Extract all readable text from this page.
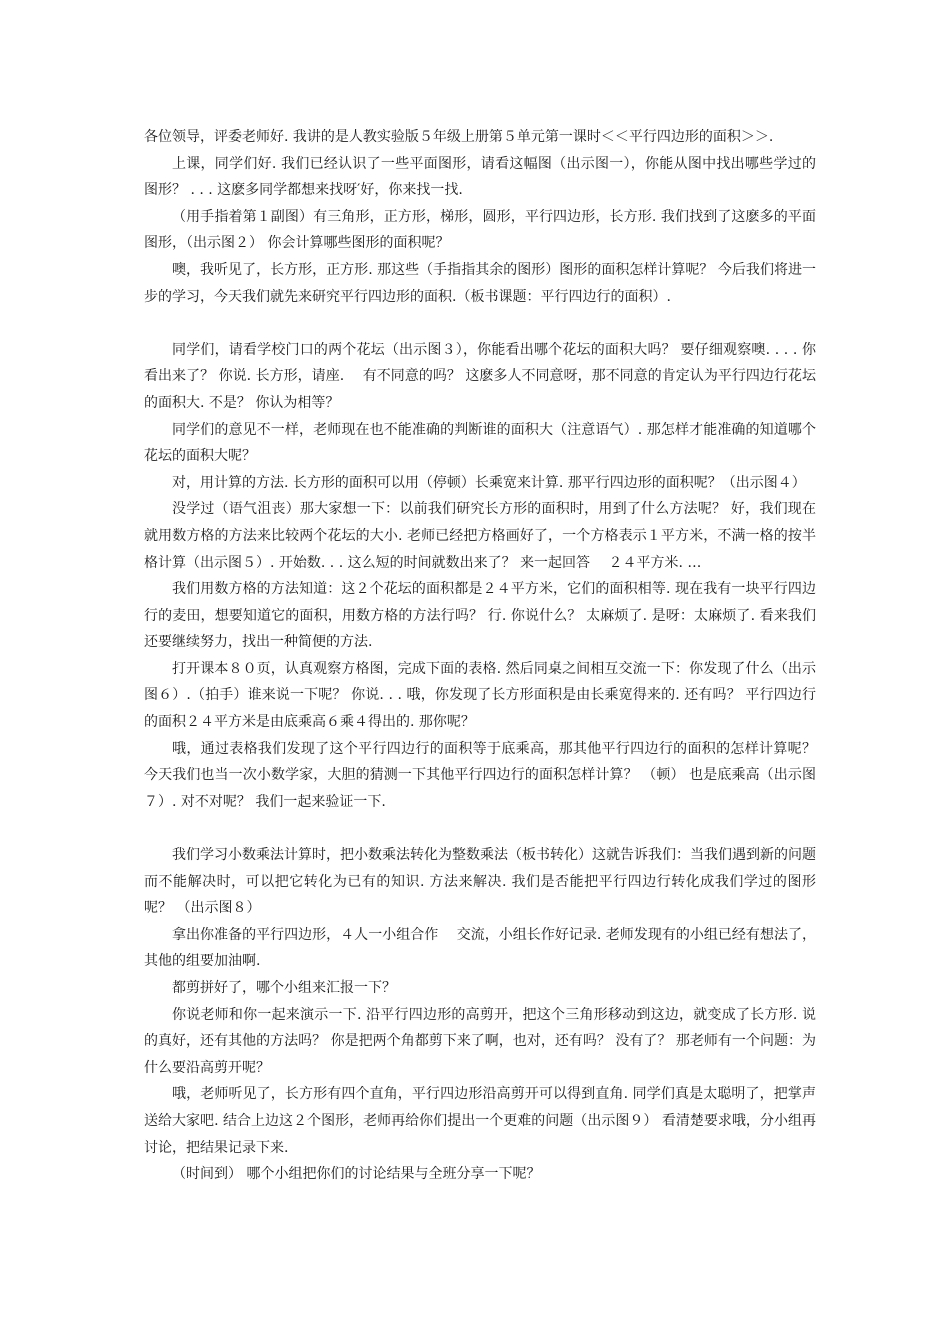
各位领导，评委老师好. 我讲的是人教实验版５年级上册第５单元第一课时＜＜平行四边形的面积＞＞.

上课，同学们好. 我们已经认识了一些平面图形，请看这幅图（出示图一），你能从图中找出哪些学过的图形？ . . . 这麽多同学都想来找呀′好，你来找一找.

（用手指着第１副图）有三角形，正方形，梯形，圆形，平行四边形，长方形. 我们找到了这麽多的平面图形，（出示图２） 你会计算哪些图形的面积呢？

噢，我听见了，长方形，正方形. 那这些（手指指其余的图形）图形的面积怎样计算呢？ 今后我们将进一步的学习，今天我们就先来研究平行四边形的面积.（板书课题：平行四边行的面积）.

同学们，请看学校门口的两个花坛（出示图３），你能看出哪个花坛的面积大吗？ 要仔细观察噢. . . . 你看出来了？ 你说. 长方形，请座.　 有不同意的吗？ 这麽多人不同意呀，那不同意的肯定认为平行四边行花坛的面积大. 不是？ 你认为相等？

同学们的意见不一样，老师现在也不能准确的判断谁的面积大（注意语气）. 那怎样才能准确的知道哪个花坛的面积大呢？

对，用计算的方法. 长方形的面积可以用（停顿）长乘宽来计算. 那平行四边形的面积呢？（出示图４）

没学过（语气沮丧）那大家想一下：以前我们研究长方形的面积时，用到了什么方法呢？ 好，我们现在就用数方格的方法来比较两个花坛的大小. 老师已经把方格画好了，一个方格表示１平方米，不满一格的按半格计算（出示图５）. 开始数. . . 这么短的时间就数出来了？ 来一起回答　 ２４平方米. …

我们用数方格的方法知道：这２个花坛的面积都是２４平方米，它们的面积相等. 现在我有一块平行四边行的麦田，想要知道它的面积，用数方格的方法行吗？ 行. 你说什么？ 太麻烦了. 是呀：太麻烦了. 看来我们还要继续努力，找出一种简便的方法.

打开课本８０页，认真观察方格图，完成下面的表格. 然后同桌之间相互交流一下：你发现了什么（出示图６）.（拍手）谁来说一下呢？ 你说. . . 哦，你发现了长方形面积是由长乘宽得来的. 还有吗？ 平行四边行的面积２４平方米是由底乘高６乘４得出的. 那你呢？

哦，通过表格我们发现了这个平行四边行的面积等于底乘高，那其他平行四边行的面积的怎样计算呢？ 今天我们也当一次小数学家，大胆的猜测一下其他平行四边行的面积怎样计算？ （顿） 也是底乘高（出示图７）. 对不对呢？ 我们一起来验证一下.

我们学习小数乘法计算时，把小数乘法转化为整数乘法（板书转化）这就告诉我们：当我们遇到新的问题而不能解决时，可以把它转化为已有的知识. 方法来解决. 我们是否能把平行四边行转化成我们学过的图形呢？ （出示图８）

拿出你准备的平行四边形，４人一小组合作　 交流，小组长作好记录. 老师发现有的小组已经有想法了，其他的组要加油啊.

都剪拼好了，哪个小组来汇报一下？

你说老师和你一起来演示一下. 沿平行四边形的高剪开，把这个三角形移动到这边，就变成了长方形. 说的真好，还有其他的方法吗？ 你是把两个角都剪下来了啊，也对，还有吗？ 没有了？ 那老师有一个问题：为什么要沿高剪开呢？

哦，老师听见了，长方形有四个直角，平行四边形沿高剪开可以得到直角. 同学们真是太聪明了，把掌声送给大家吧. 结合上边这２个图形，老师再给你们提出一个更难的问题（出示图９） 看清楚要求哦，分小组再讨论，把结果记录下来.

（时间到） 哪个小组把你们的讨论结果与全班分享一下呢？
